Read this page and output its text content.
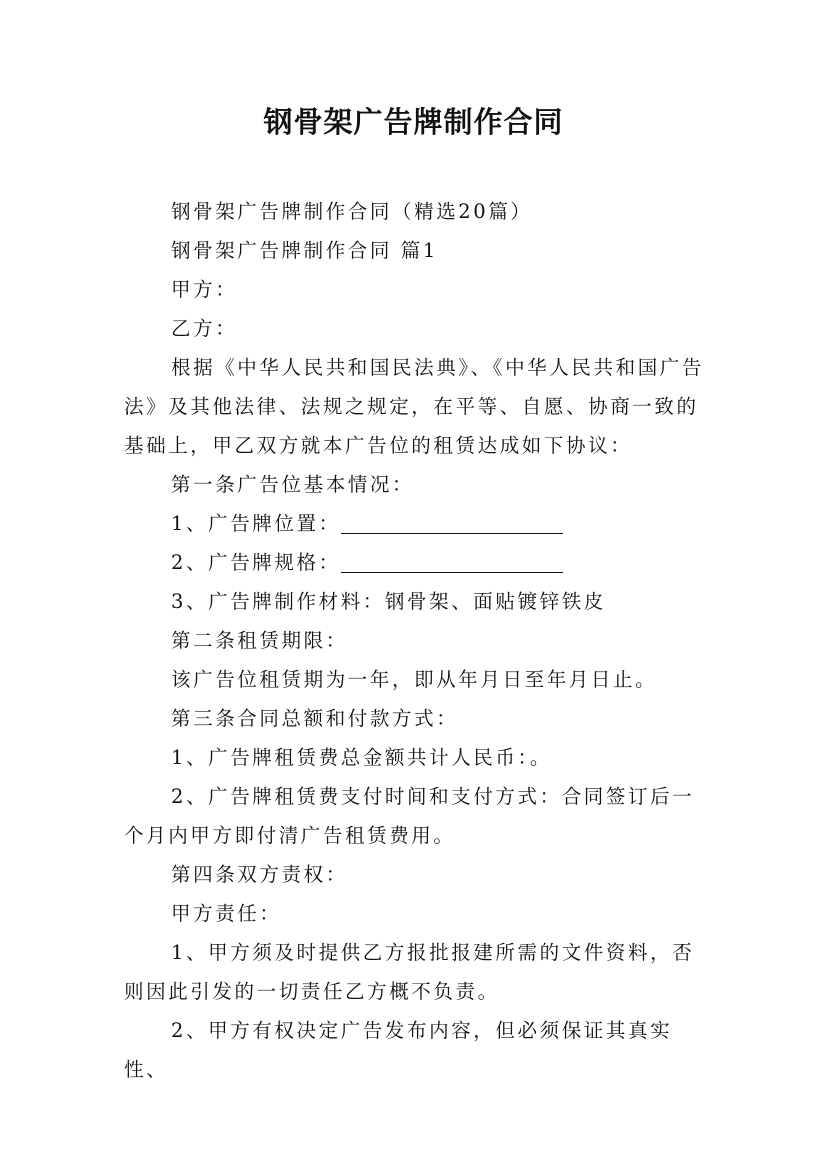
钢骨架广告牌制作合同

钢骨架广告牌制作合同（精选20篇）

钢骨架广告牌制作合同 篇1

甲方：

乙方：

根据《中华人民共和国民法典》、《中华人民共和国广告法》及其他法律、法规之规定，在平等、自愿、协商一致的基础上，甲乙双方就本广告位的租赁达成如下协议：

第一条广告位基本情况：

1、广告牌位置：

2、广告牌规格：

3、广告牌制作材料：钢骨架、面贴镀锌铁皮

第二条租赁期限：

该广告位租赁期为一年，即从年月日至年月日止。

第三条合同总额和付款方式：

1、广告牌租赁费总金额共计人民币：。

2、广告牌租赁费支付时间和支付方式：合同签订后一个月内甲方即付清广告租赁费用。

第四条双方责权：

甲方责任：

1、甲方须及时提供乙方报批报建所需的文件资料，否则因此引发的一切责任乙方概不负责。

2、甲方有权决定广告发布内容，但必须保证其真实性、
